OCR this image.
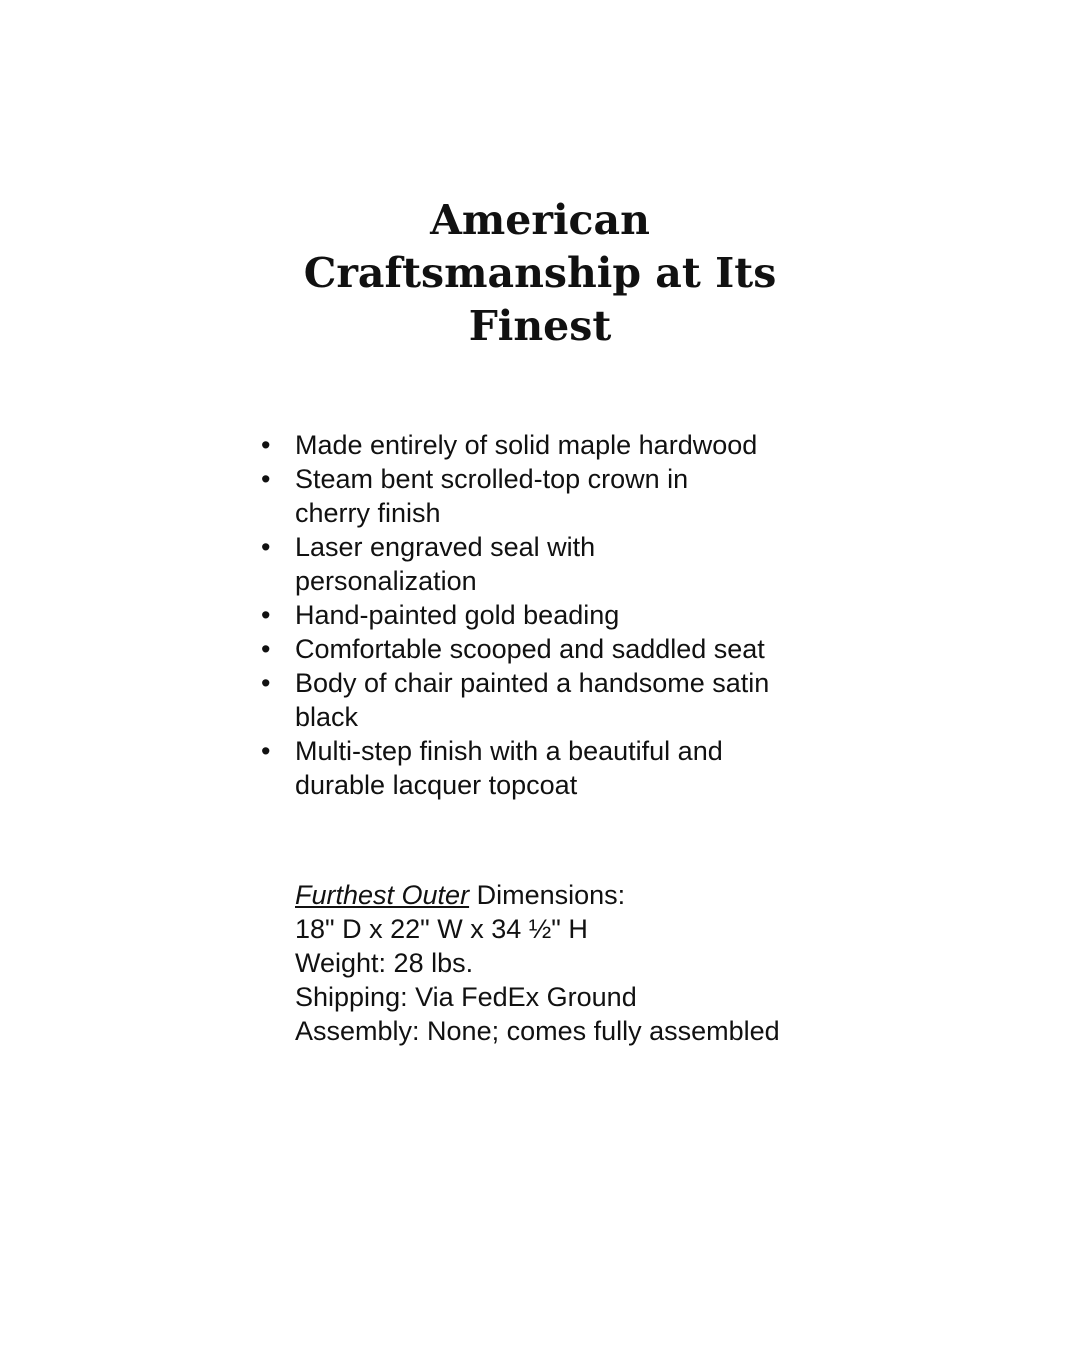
American
Craftsmanship at Its
Finest
• Made entirely of solid maple hardwood
• Steam bent scrolled-top crown in
cherry finish
• Laser engraved seal with
personalization
• Hand-painted gold beading
• Comfortable scooped and saddled seat
• Body of chair painted a handsome satin
black
• Multi-step finish with a beautiful and
durable lacquer topcoat
Furthest Outer Dimensions:
18" D x 22" W x 34 ½" H
Weight: 28 lbs.
Shipping: Via FedEx Ground
Assembly: None; comes fully assembled
